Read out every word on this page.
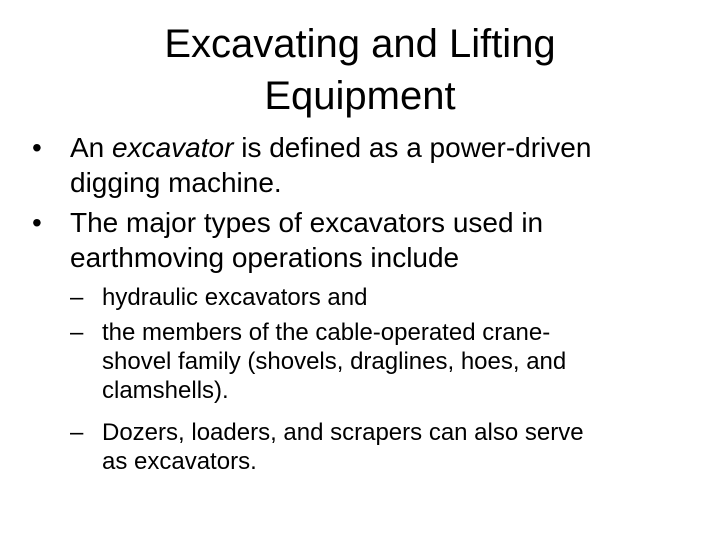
Excavating and Lifting
Equipment
• An excavator is defined as a power-driven
digging machine.
• The major types of excavators used in
earthmoving operations include
– hydraulic excavators and
– the members of the cable-operated crane-
shovel family (shovels, draglines, hoes, and
clamshells).
– Dozers, loaders, and scrapers can also serve
as excavators.
